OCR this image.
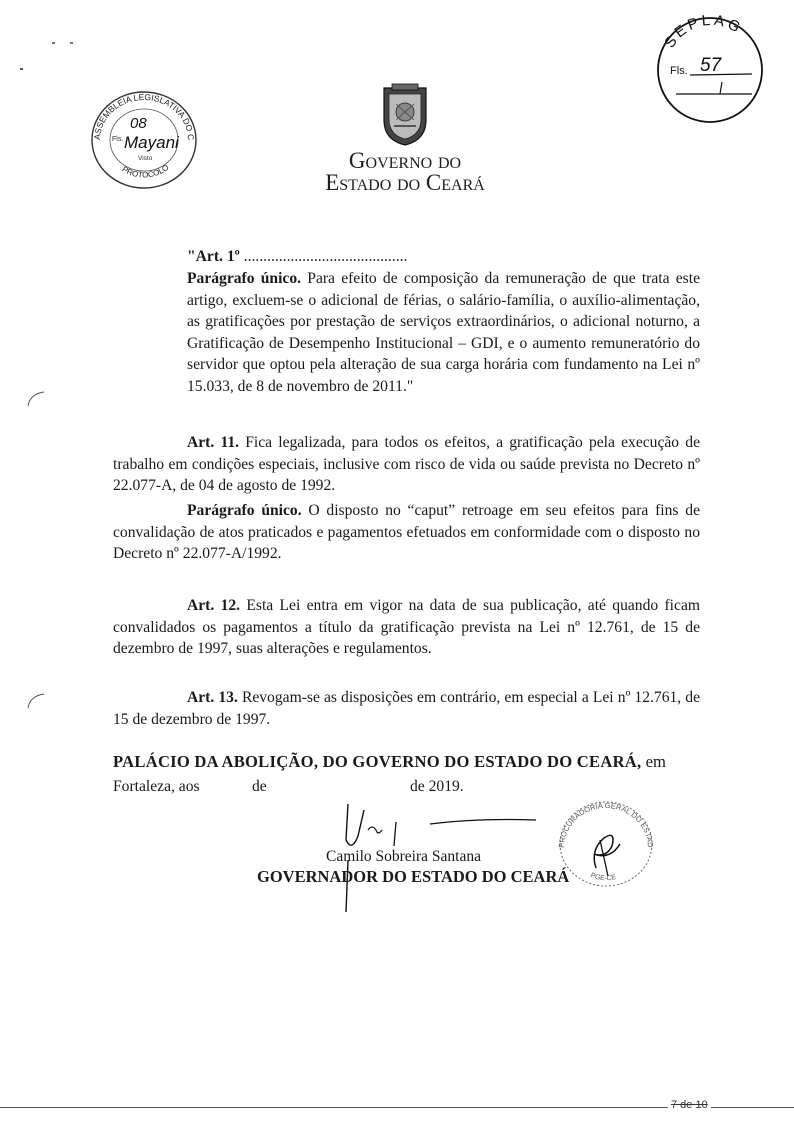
ASSEMBLEIA LEGISLATIVA DO C
PROTOCOLO
08
Fls. Mayani
Visto	Governo do
Estado do Ceará
SEPLAG
Fls. 57
"Art. 1º ..........................................
Parágrafo único. Para efeito de composição da remuneração de que trata este artigo, excluem-se o adicional de férias, o salário-família, o auxílio-alimentação, as gratificações por prestação de serviços extraordinários, o adicional noturno, a Gratificação de Desempenho Institucional – GDI, e o aumento remuneratório do servidor que optou pela alteração de sua carga horária com fundamento na Lei nº 15.033, de 8 de novembro de 2011."
Art. 11. Fica legalizada, para todos os efeitos, a gratificação pela execução de trabalho em condições especiais, inclusive com risco de vida ou saúde prevista no Decreto nº 22.077-A, de 04 de agosto de 1992.
Parágrafo único. O disposto no “caput” retroage em seu efeitos para fins de convalidação de atos praticados e pagamentos efetuados em conformidade com o disposto no Decreto nº 22.077-A/1992.
Art. 12. Esta Lei entra em vigor na data de sua publicação, até quando ficam convalidados os pagamentos a título da gratificação prevista na Lei nº 12.761, de 15 de dezembro de 1997, suas alterações e regulamentos.
Art. 13. Revogam-se as disposições em contrário, em especial a Lei nº 12.761, de 15 de dezembro de 1997.
PALÁCIO DA ABOLIÇÃO, DO GOVERNO DO ESTADO DO CEARÁ, em
Fortaleza, aos	de	de 2019.
Camilo Sobreira Santana
GOVERNADOR DO ESTADO DO CEARÁ
PROCURADORIA GERAL DO ESTAD
PGE-CE
7 de 10
